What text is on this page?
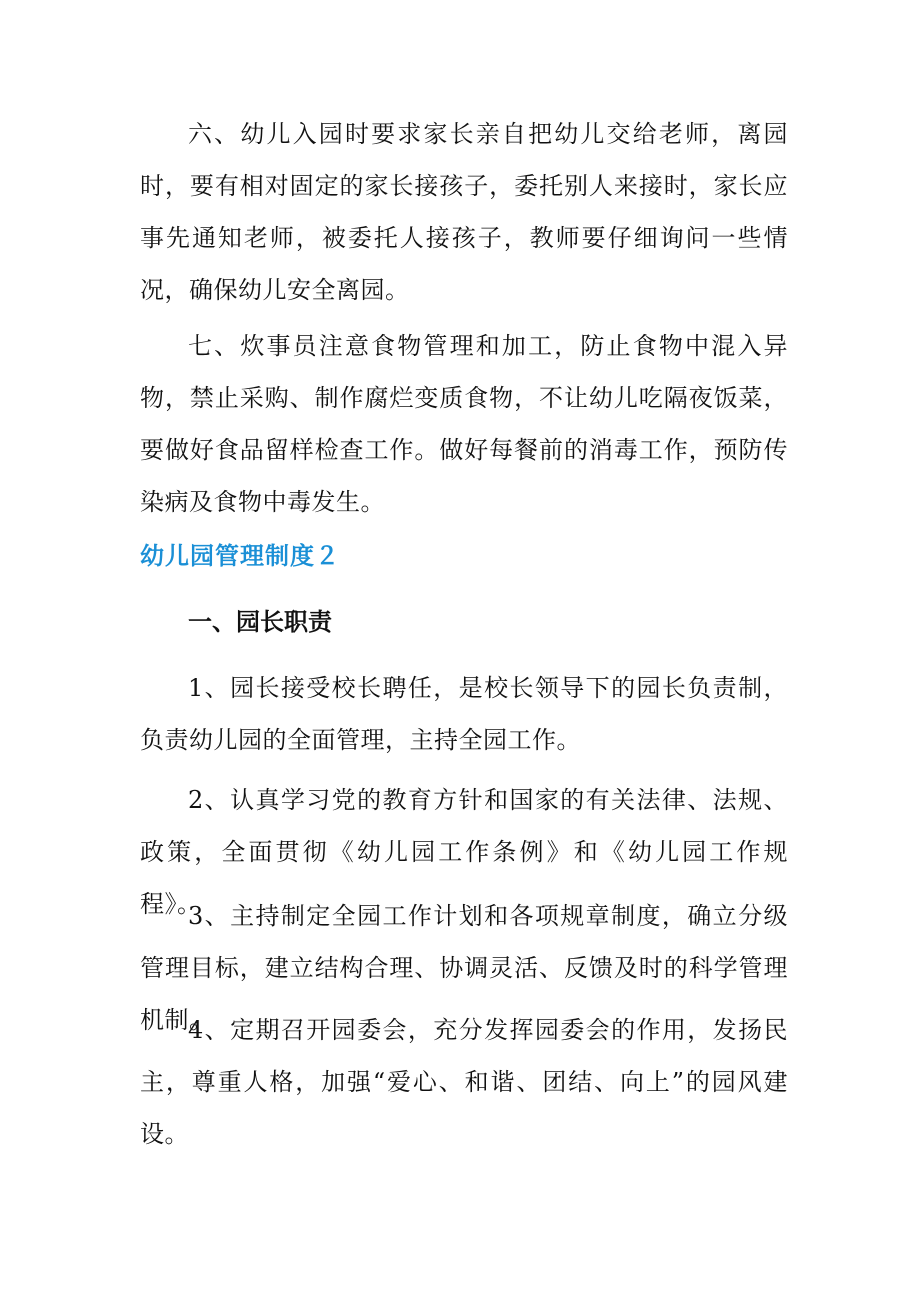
六、幼儿入园时要求家长亲自把幼儿交给老师，离园时，要有相对固定的家长接孩子，委托别人来接时，家长应事先通知老师，被委托人接孩子，教师要仔细询问一些情况，确保幼儿安全离园。

七、炊事员注意食物管理和加工，防止食物中混入异物，禁止采购、制作腐烂变质食物，不让幼儿吃隔夜饭菜，要做好食品留样检查工作。做好每餐前的消毒工作，预防传染病及食物中毒发生。

幼儿园管理制度２
一、园长职责

1、园长接受校长聘任，是校长领导下的园长负责制，负责幼儿园的全面管理，主持全园工作。

2、认真学习党的教育方针和国家的有关法律、法规、政策，全面贯彻《幼儿园工作条例》和《幼儿园工作规程》。

3、主持制定全园工作计划和各项规章制度，确立分级管理目标，建立结构合理、协调灵活、反馈及时的科学管理机制。

4、定期召开园委会，充分发挥园委会的作用，发扬民主，尊重人格，加强“爱心、和谐、团结、向上”的园风建设。
